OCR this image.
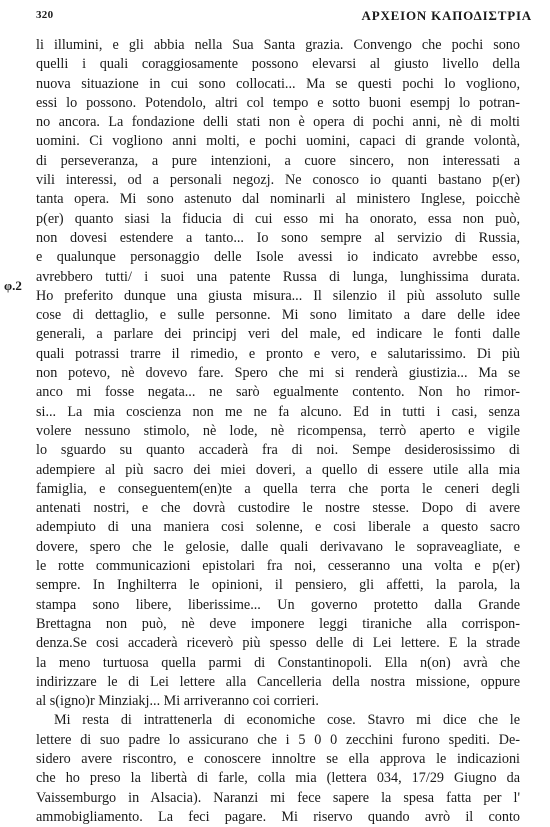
320	ΑΡΧΕΙΟΝ ΚΑΠΟΔΙΣΤΡΙΑ
φ.2
li illumini, e gli abbia nella Sua Santa grazia. Convengo che pochi sono
quelli i quali coraggiosamente possono elevarsi al giusto livello della
nuova situazione in cui sono collocati... Ma se questi pochi lo vogliono,
essi lo possono. Potendolo, altri col tempo e sotto buoni esempj lo potran-
no ancora. La fondazione delli stati non è opera di pochi anni, nè di molti
uomini. Ci vogliono anni molti, e pochi uomini, capaci di grande volontà,
di perseveranza, a pure intenzioni, a cuore sincero, non interessati a
vili interessi, od a personali negozj. Ne conosco io quanti bastano p(er)
tanta opera. Mi sono astenuto dal nominarli al ministero Inglese, poicchè
p(er) quanto siasi la fiducia di cui esso mi ha onorato, essa non può,
non dovesi estendere a tanto... Io sono sempre al servizio di Russia,
e qualunque personaggio delle Isole avessi io indicato avrebbe esso,
avrebbero tutti/ i suoi una patente Russa di lunga, lunghissima durata.
Ho preferito dunque una giusta misura... Il silenzio il più assoluto sulle
cose di dettaglio, e sulle personne. Mi sono limitato a dare delle idee
generali, a parlare dei principj veri del male, ed indicare le fonti dalle
quali potrassi trarre il rimedio, e pronto e vero, e salutarissimo. Di più
non potevo, nè dovevo fare. Spero che mi si renderà giustizia... Ma se
anco mi fosse negata... ne sarò egualmente contento. Non ho rimor-
si... La mia coscienza non me ne fa alcuno. Ed in tutti i casi, senza
volere nessuno stimolo, nè lode, nè ricompensa, terrò aperto e vigile
lo sguardo su quanto accaderà fra di noi. Sempe desiderosissimo di
adempiere al più sacro dei miei doveri, a quello di essere utile alla mia
famiglia, e conseguentem(en)te a quella terra che porta le ceneri degli
antenati nostri, e che dovrà custodire le nostre stesse. Dopo di avere
adempiuto di una maniera cosi solenne, e cosi liberale a questo sacro
dovere, spero che le gelosie, dalle quali derivavano le sopraveagliate, e
le rotte communicazioni epistolari fra noi, cesseranno una volta e p(er)
sempre. In Inghilterra le opinioni, il pensiero, gli affetti, la parola, la
stampa sono libere, liberissime... Un governo protetto dalla Grande
Brettagna non può, nè deve imponere leggi tiraniche alla corrispon-
denza.Se cosi accaderà riceverò più spesso delle di Lei lettere. E la strade
la meno turtuosa quella parmi di Constantinopoli. Ella n(on) avrà che
indirizzare le di Lei lettere alla Cancelleria della nostra missione, oppure
al s(igno)r Minziakj... Mi arriveranno coi corrieri.
Mi resta di intrattenerla di economiche cose. Stavro mi dice che le
lettere di suo padre lo assicurano che i 5 0 0 zecchini furono spediti. De-
sidero avere riscontro, e conoscere innoltre se ella approva le indicazioni
che ho preso la libertà di farle, colla mia (lettera 034, 17/29 Giugno da
Vaissemburgo in Alsacia). Naranzi mi fece sapere la spesa fatta per l'
ammobigliamento. La feci pagare. Mi riservo quando avrò il conto
